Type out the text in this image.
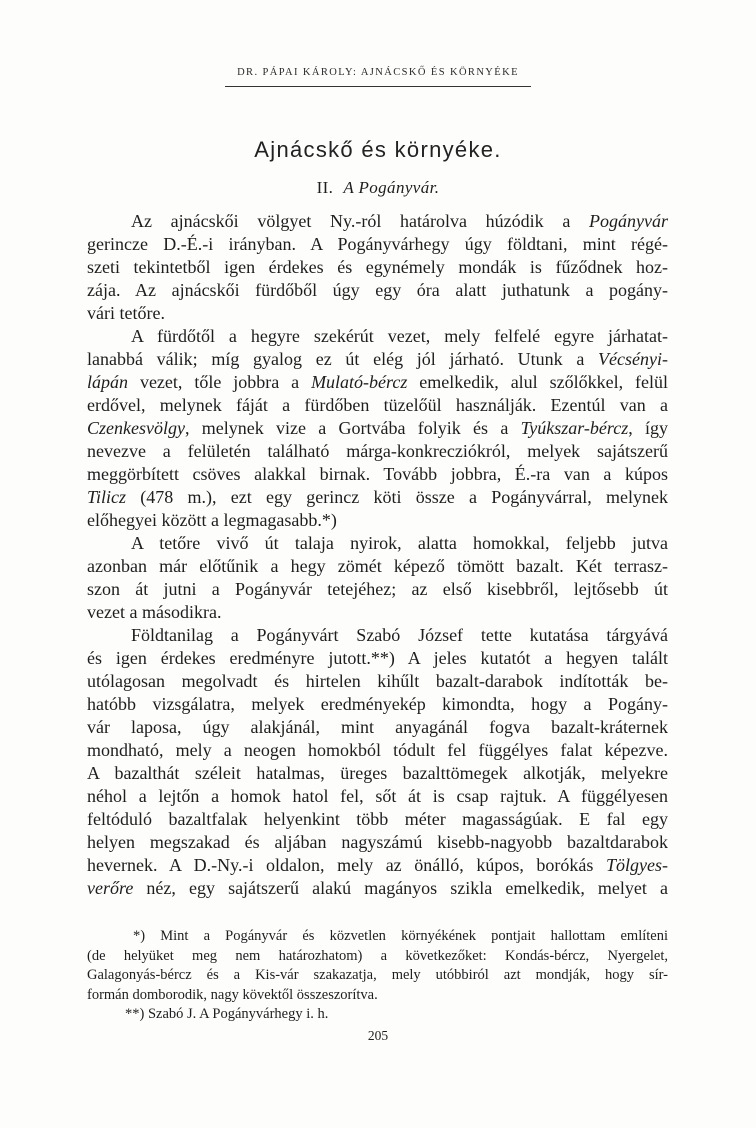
DR. PÁPAI KÁROLY: AJNÁCSKŐ ÉS KÖRNYÉKE
Ajnácskő és környéke.
II. A Pogányvár.
Az ajnácskői völgyet Ny.-ról határolva húzódik a Pogányvár
gerincze D.-É.-i irányban. A Pogányvárhegy úgy földtani, mint régé-
szeti tekintetből igen érdekes és egynémely mondák is fűződnek hoz-
zája. Az ajnácskői fürdőből úgy egy óra alatt juthatunk a pogány-
vári tetőre.
A fürdőtől a hegyre szekérút vezet, mely felfelé egyre járhatat-
lanabbá válik; míg gyalog ez út elég jól járható. Utunk a Vécsényi-
lápán vezet, tőle jobbra a Mulató-bércz emelkedik, alul szőlőkkel, felül
erdővel, melynek fáját a fürdőben tüzelőül használják. Ezentúl van a
Czenkesvölgy, melynek vize a Gortvába folyik és a Tyúkszar-bércz, így
nevezve a felületén található márga-konkrecziókról, melyek sajátszerű
meggörbített csöves alakkal birnak. Tovább jobbra, É.-ra van a kúpos
Tilicz (478 m.), ezt egy gerincz köti össze a Pogányvárral, melynek
előhegyei között a legmagasabb.*)
A tetőre vivő út talaja nyirok, alatta homokkal, feljebb jutva
azonban már előtűnik a hegy zömét képező tömött bazalt. Két terrasz-
szon át jutni a Pogányvár tetejéhez; az első kisebbről, lejtősebb út
vezet a másodikra.
Földtanilag a Pogányvárt Szabó József tette kutatása tárgyává
és igen érdekes eredményre jutott.**) A jeles kutatót a hegyen talált
utólagosan megolvadt és hirtelen kihűlt bazalt-darabok indították be-
hatóbb vizsgálatra, melyek eredményekép kimondta, hogy a Pogány-
vár laposa, úgy alakjánál, mint anyagánál fogva bazalt-kráternek
mondható, mely a neogen homokból tódult fel függélyes falat képezve.
A bazalthát széleit hatalmas, üreges bazalttömegek alkotják, melyekre
néhol a lejtőn a homok hatol fel, sőt át is csap rajtuk. A függélyesen
feltóduló bazaltfalak helyenkint több méter magasságúak. E fal egy
helyen megszakad és aljában nagyszámú kisebb-nagyobb bazaltdarabok
hevernek. A D.-Ny.-i oldalon, mely az önálló, kúpos, borókás Tölgyes-
verőre néz, egy sajátszerű alakú magányos szikla emelkedik, melyet a
*) Mint a Pogányvár és közvetlen környékének pontjait hallottam említeni
(de helyüket meg nem határozhatom) a következőket: Kondás-bércz, Nyergelet,
Galagonyás-bércz és a Kis-vár szakazatja, mely utóbbiról azt mondják, hogy sír-
formán domborodik, nagy kövektől összeszorítva.
**) Szabó J. A Pogányvárhegy i. h.
205
